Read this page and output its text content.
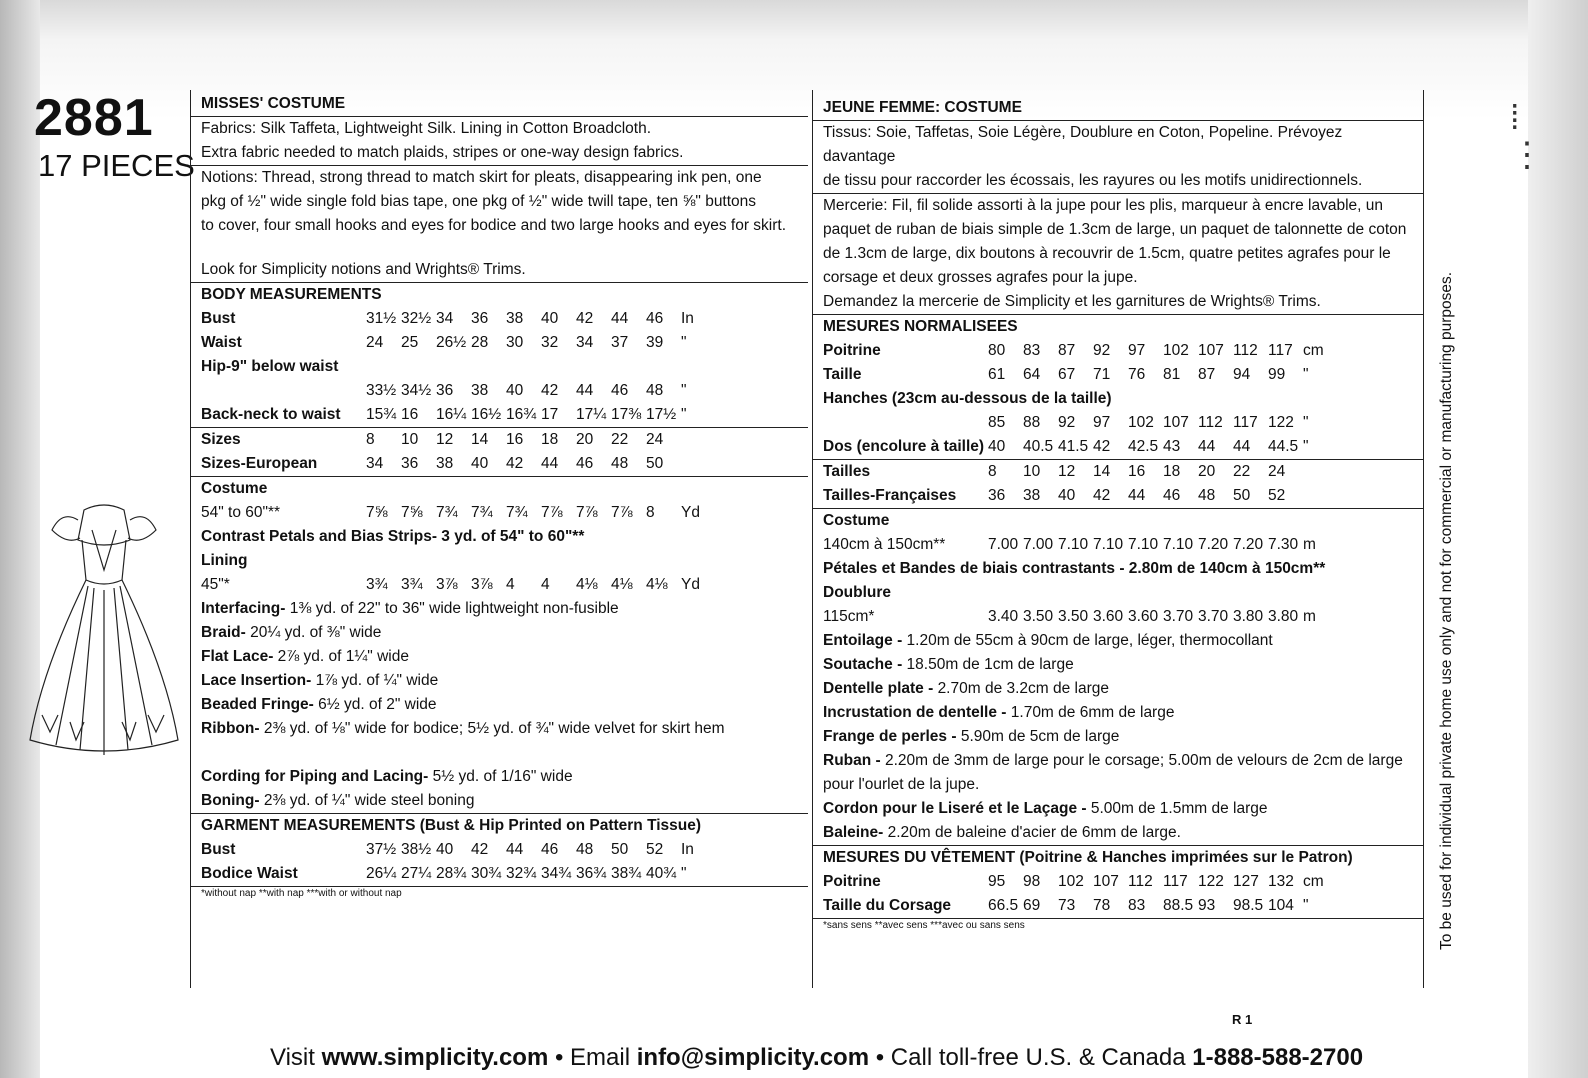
2881
17 PIECES
MISSES' COSTUME
Fabrics: Silk Taffeta, Lightweight Silk. Lining in Cotton Broadcloth.
Extra fabric needed to match plaids, stripes or one-way design fabrics.
Notions: Thread, strong thread to match skirt for pleats, disappearing ink pen, one
pkg of ½" wide single fold bias tape, one pkg of ½" wide twill tape, ten ⅝" buttons
to cover, four small hooks and eyes for bodice and two large hooks and eyes for skirt.
Look for Simplicity notions and Wrights® Trims.
BODY MEASUREMENTS
Bust	31½ 32½ 34	36	38	40	42	44	46	In
Waist	24	25	26½ 28	30	32	34	37	39	"
Hip-9" below waist
33½ 34½ 36	38	40	42	44	46	48	"
Back-neck to waist	15¾ 16	16¼ 16½ 16¾ 17	17¼ 17⅜ 17½ "
Sizes	8	10	12	14	16	18	20	22	24
Sizes-European	34	36	38	40	42	44	46	48	50
Costume
54" to 60"**	7⅝ 7⅝ 7¾ 7¾ 7¾ 7⅞ 7⅞ 7⅞ 8	Yd
Contrast Petals and Bias Strips- 3 yd. of 54" to 60"**
Lining
45"*	3¾ 3¾ 3⅞ 3⅞ 4	4	4⅛ 4⅛ 4⅛ Yd
Interfacing- 1⅜ yd. of 22" to 36" wide lightweight non-fusible
Braid- 20¼ yd. of ⅜" wide
Flat Lace- 2⅞ yd. of 1¼" wide
Lace Insertion- 1⅞ yd. of ¼" wide
Beaded Fringe- 6½ yd. of 2" wide
Ribbon- 2⅜ yd. of ⅛" wide for bodice; 5½ yd. of ¾" wide velvet for skirt hem
Cording for Piping and Lacing- 5½ yd. of 1/16" wide
Boning- 2⅜ yd. of ¼" wide steel boning
GARMENT MEASUREMENTS (Bust & Hip Printed on Pattern Tissue)
Bust	37½ 38½ 40	42	44	46	48	50	52	In
Bodice Waist	26¼ 27¼ 28¾ 30¾ 32¾ 34¾ 36¾ 38¾ 40¾ "
*without nap **with nap ***with or without nap
JEUNE FEMME: COSTUME
Tissus: Soie, Taffetas, Soie Légère, Doublure en Coton, Popeline. Prévoyez davantage
de tissu pour raccorder les écossais, les rayures ou les motifs unidirectionnels.
Mercerie: Fil, fil solide assorti à la jupe pour les plis, marqueur à encre lavable, un
paquet de ruban de biais simple de 1.3cm de large, un paquet de talonnette de coton
de 1.3cm de large, dix boutons à recouvrir de 1.5cm, quatre petites agrafes pour le
corsage et deux grosses agrafes pour la jupe.
Demandez la mercerie de Simplicity et les garnitures de Wrights® Trims.
MESURES NORMALISEES
Poitrine	80	83	87	92	97	102 107 112 117 cm
Taille	61	64	67	71	76	81	87	94	99	"
Hanches (23cm au-dessous de la taille)
85	88	92	97	102 107 112 117 122 "
Dos (encolure à taille) 40	40.5 41.5 42	42.5 43	44	44	44.5 "
Tailles	8	10	12	14	16	18	20	22	24
Tailles-Françaises	36	38	40	42	44	46	48	50	52
Costume
140cm à 150cm**	7.00 7.00 7.10 7.10 7.10 7.10 7.20 7.20 7.30 m
Pétales et Bandes de biais contrastants - 2.80m de 140cm à 150cm**
Doublure
115cm*	3.40 3.50 3.50 3.60 3.60 3.70 3.70 3.80 3.80 m
Entoilage - 1.20m de 55cm à 90cm de large, léger, thermocollant
Soutache - 18.50m de 1cm de large
Dentelle plate - 2.70m de 3.2cm de large
Incrustation de dentelle - 1.70m de 6mm de large
Frange de perles - 5.90m de 5cm de large
Ruban - 2.20m de 3mm de large pour le corsage; 5.00m de velours de 2cm de large
pour l'ourlet de la jupe.
Cordon pour le Liseré et le Laçage - 5.00m de 1.5mm de large
Baleine- 2.20m de baleine d'acier de 6mm de large.
MESURES DU VÊTEMENT (Poitrine & Hanches imprimées sur le Patron)
Poitrine	95	98	102 107 112 117 122 127 132 cm
Taille du Corsage	66.5 69	73	78	83	88.5 93	98.5 104 "
*sans sens **avec sens ***avec ou sans sens	To be used for individual private home use only and not for commercial or manufacturing purposes.
⁞
⋮
R 1
Visit www.simplicity.com • Email info@simplicity.com • Call toll-free U.S. & Canada 1-888-588-2700
